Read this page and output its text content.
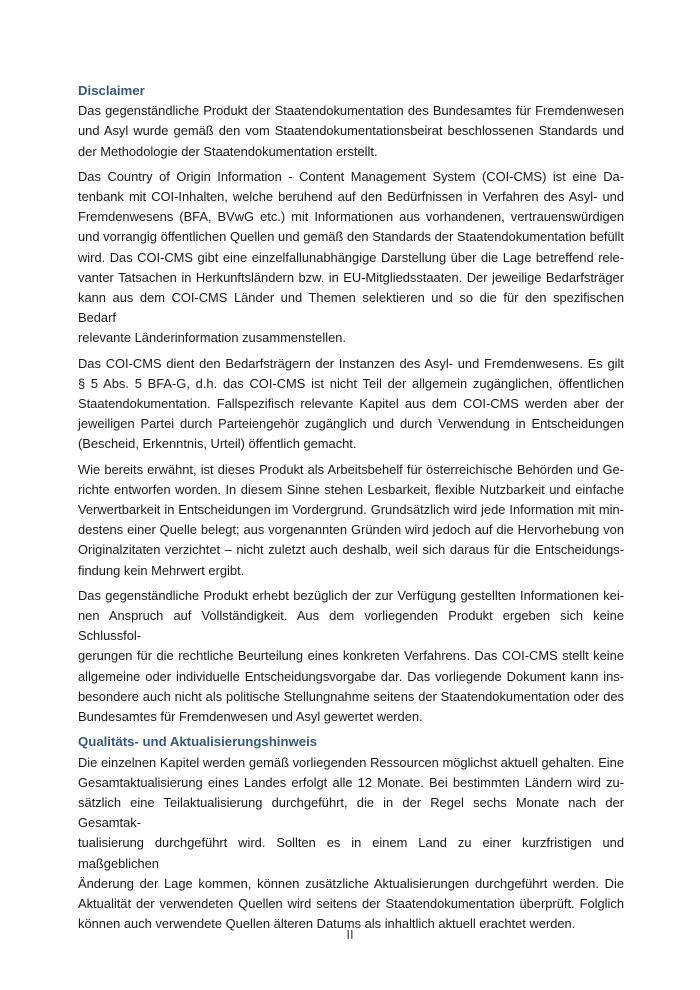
Disclaimer
Das gegenständliche Produkt der Staatendokumentation des Bundesamtes für Fremdenwesen
und Asyl wurde gemäß den vom Staatendokumentationsbeirat beschlossenen Standards und
der Methodologie der Staatendokumentation erstellt.
Das Country of Origin Information - Content Management System (COI-CMS) ist eine Da-
tenbank mit COI-Inhalten, welche beruhend auf den Bedürfnissen in Verfahren des Asyl- und
Fremdenwesens (BFA, BVwG etc.) mit Informationen aus vorhandenen, vertrauenswürdigen
und vorrangig öffentlichen Quellen und gemäß den Standards der Staatendokumentation befüllt
wird. Das COI-CMS gibt eine einzelfallunabhängige Darstellung über die Lage betreffend rele-
vanter Tatsachen in Herkunftsländern bzw. in EU-Mitgliedsstaaten. Der jeweilige Bedarfsträger
kann aus dem COI-CMS Länder und Themen selektieren und so die für den spezifischen Bedarf
relevante Länderinformation zusammenstellen.
Das COI-CMS dient den Bedarfsträgern der Instanzen des Asyl- und Fremdenwesens. Es gilt
§ 5 Abs. 5 BFA-G, d.h. das COI-CMS ist nicht Teil der allgemein zugänglichen, öffentlichen
Staatendokumentation. Fallspezifisch relevante Kapitel aus dem COI-CMS werden aber der
jeweiligen Partei durch Parteiengehör zugänglich und durch Verwendung in Entscheidungen
(Bescheid, Erkenntnis, Urteil) öffentlich gemacht.
Wie bereits erwähnt, ist dieses Produkt als Arbeitsbehelf für österreichische Behörden und Ge-
richte entworfen worden. In diesem Sinne stehen Lesbarkeit, flexible Nutzbarkeit und einfache
Verwertbarkeit in Entscheidungen im Vordergrund. Grundsätzlich wird jede Information mit min-
destens einer Quelle belegt; aus vorgenannten Gründen wird jedoch auf die Hervorhebung von
Originalzitaten verzichtet – nicht zuletzt auch deshalb, weil sich daraus für die Entscheidungs-
findung kein Mehrwert ergibt.
Das gegenständliche Produkt erhebt bezüglich der zur Verfügung gestellten Informationen kei-
nen Anspruch auf Vollständigkeit. Aus dem vorliegenden Produkt ergeben sich keine Schlussfol-
gerungen für die rechtliche Beurteilung eines konkreten Verfahrens. Das COI-CMS stellt keine
allgemeine oder individuelle Entscheidungsvorgabe dar. Das vorliegende Dokument kann ins-
besondere auch nicht als politische Stellungnahme seitens der Staatendokumentation oder des
Bundesamtes für Fremdenwesen und Asyl gewertet werden.
Qualitäts- und Aktualisierungshinweis
Die einzelnen Kapitel werden gemäß vorliegenden Ressourcen möglichst aktuell gehalten. Eine
Gesamtaktualisierung eines Landes erfolgt alle 12 Monate. Bei bestimmten Ländern wird zu-
sätzlich eine Teilaktualisierung durchgeführt, die in der Regel sechs Monate nach der Gesamtak-
tualisierung durchgeführt wird. Sollten es in einem Land zu einer kurzfristigen und maßgeblichen
Änderung der Lage kommen, können zusätzliche Aktualisierungen durchgeführt werden. Die
Aktualität der verwendeten Quellen wird seitens der Staatendokumentation überprüft. Folglich
können auch verwendete Quellen älteren Datums als inhaltlich aktuell erachtet werden.
II
